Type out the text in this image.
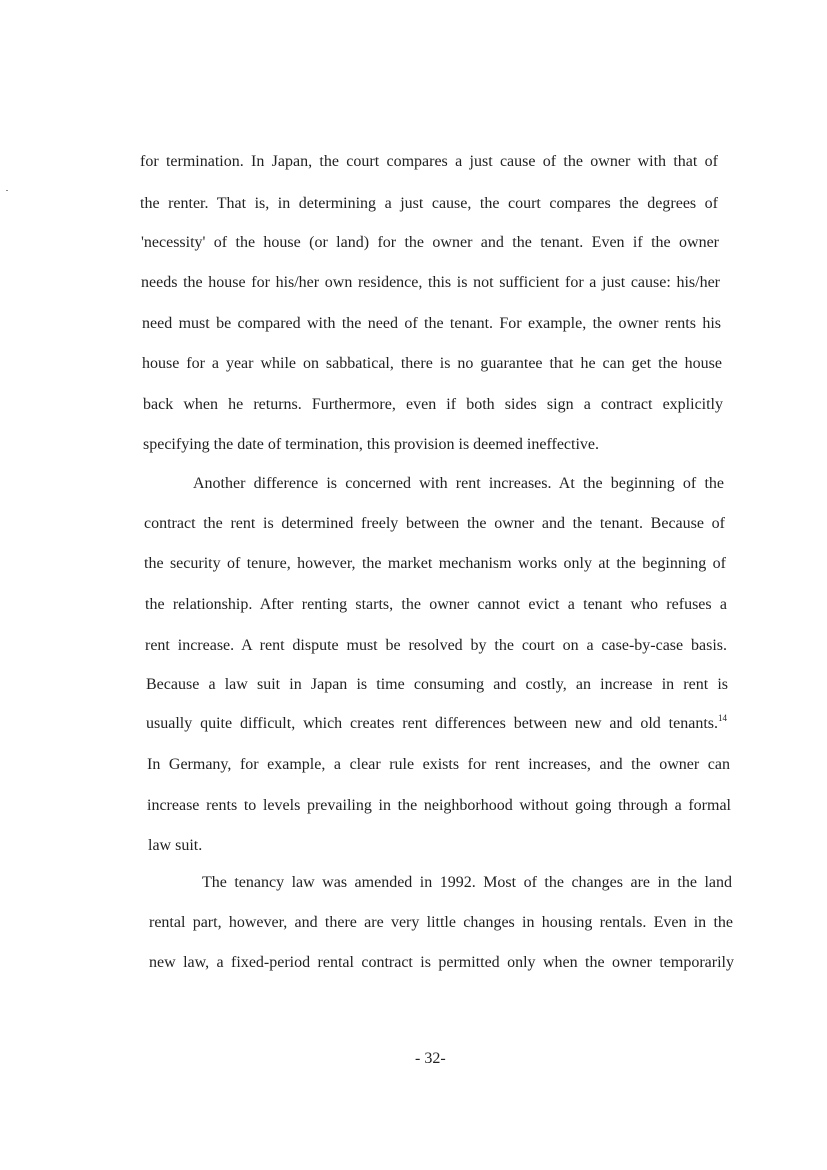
for termination. In Japan, the court compares a just cause of the owner with that of
the renter. That is, in determining a just cause, the court compares the degrees of
'necessity' of the house (or land) for the owner and the tenant. Even if the owner
needs the house for his/her own residence, this is not sufficient for a just cause: his/her
need must be compared with the need of the tenant. For example, the owner rents his
house for a year while on sabbatical, there is no guarantee that he can get the house
back when he returns. Furthermore, even if both sides sign a contract explicitly
specifying the date of termination, this provision is deemed ineffective.
Another difference is concerned with rent increases. At the beginning of the
contract the rent is determined freely between the owner and the tenant. Because of
the security of tenure, however, the market mechanism works only at the beginning of
the relationship. After renting starts, the owner cannot evict a tenant who refuses a
rent increase. A rent dispute must be resolved by the court on a case-by-case basis.
Because a law suit in Japan is time consuming and costly, an increase in rent is
usually quite difficult, which creates rent differences between new and old tenants.$^{14}$
In Germany, for example, a clear rule exists for rent increases, and the owner can
increase rents to levels prevailing in the neighborhood without going through a formal
law suit.
The tenancy law was amended in 1992. Most of the changes are in the land
rental part, however, and there are very little changes in housing rentals. Even in the
new law, a fixed-period rental contract is permitted only when the owner temporarily
- 32-
